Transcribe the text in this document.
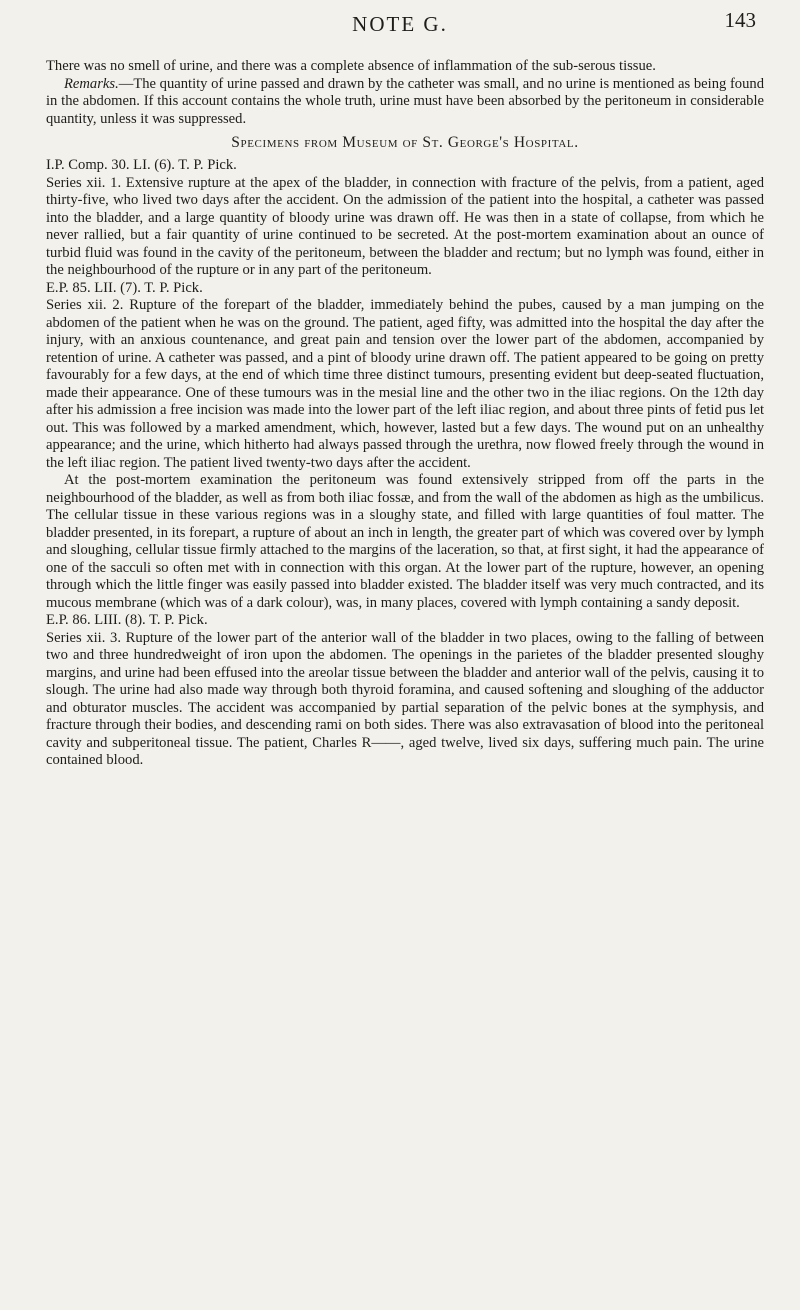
NOTE G.	143

There was no smell of urine, and there was a complete absence of inflammation of the sub-serous tissue.

Remarks.—The quantity of urine passed and drawn by the catheter was small, and no urine is mentioned as being found in the abdomen. If this account contains the whole truth, urine must have been absorbed by the peritoneum in considerable quantity, unless it was suppressed.

Specimens from Museum of St. George's Hospital.

I.P. Comp. 30. LI. (6). T. P. Pick.

Series xii. 1. Extensive rupture at the apex of the bladder, in connection with fracture of the pelvis, from a patient, aged thirty-five, who lived two days after the accident. On the admission of the patient into the hospital, a catheter was passed into the bladder, and a large quantity of bloody urine was drawn off. He was then in a state of collapse, from which he never rallied, but a fair quantity of urine continued to be secreted. At the post-mortem examination about an ounce of turbid fluid was found in the cavity of the peritoneum, between the bladder and rectum; but no lymph was found, either in the neighbourhood of the rupture or in any part of the peritoneum.

E.P. 85. LII. (7). T. P. Pick.

Series xii. 2. Rupture of the forepart of the bladder, immediately behind the pubes, caused by a man jumping on the abdomen of the patient when he was on the ground. The patient, aged fifty, was admitted into the hospital the day after the injury, with an anxious countenance, and great pain and tension over the lower part of the abdomen, accompanied by retention of urine. A catheter was passed, and a pint of bloody urine drawn off. The patient appeared to be going on pretty favourably for a few days, at the end of which time three distinct tumours, presenting evident but deep-seated fluctuation, made their appearance. One of these tumours was in the mesial line and the other two in the iliac regions. On the 12th day after his admission a free incision was made into the lower part of the left iliac region, and about three pints of fetid pus let out. This was followed by a marked amendment, which, however, lasted but a few days. The wound put on an unhealthy appearance; and the urine, which hitherto had always passed through the urethra, now flowed freely through the wound in the left iliac region. The patient lived twenty-two days after the accident.

At the post-mortem examination the peritoneum was found extensively stripped from off the parts in the neighbourhood of the bladder, as well as from both iliac fossæ, and from the wall of the abdomen as high as the umbilicus. The cellular tissue in these various regions was in a sloughy state, and filled with large quantities of foul matter. The bladder presented, in its forepart, a rupture of about an inch in length, the greater part of which was covered over by lymph and sloughing, cellular tissue firmly attached to the margins of the laceration, so that, at first sight, it had the appearance of one of the sacculi so often met with in connection with this organ. At the lower part of the rupture, however, an opening through which the little finger was easily passed into bladder existed. The bladder itself was very much contracted, and its mucous membrane (which was of a dark colour), was, in many places, covered with lymph containing a sandy deposit.

E.P. 86. LIII. (8). T. P. Pick.

Series xii. 3. Rupture of the lower part of the anterior wall of the bladder in two places, owing to the falling of between two and three hundredweight of iron upon the abdomen. The openings in the parietes of the bladder presented sloughy margins, and urine had been effused into the areolar tissue between the bladder and anterior wall of the pelvis, causing it to slough. The urine had also made way through both thyroid foramina, and caused softening and sloughing of the adductor and obturator muscles. The accident was accompanied by partial separation of the pelvic bones at the symphysis, and fracture through their bodies, and descending rami on both sides. There was also extravasation of blood into the peritoneal cavity and subperitoneal tissue. The patient, Charles R——, aged twelve, lived six days, suffering much pain. The urine contained blood.
